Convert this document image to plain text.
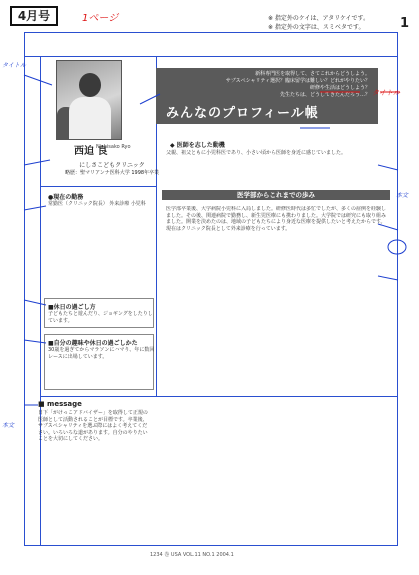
4月号	1ページ	※ 指定外のケイは、アタリケイです。
※ 指定外の文字は、スミベタです。	1
新科専門医を取得して、さてこれからどうしよう。
サブスペシャリティ選択？臨床留学は難しい？どれがやりたい？
研修や生活はどうしよう？
先生たちは、どうしてきたんだろう…？
みんなのプロフィール帳
西迫 良
Nishisako Ryo
にしさこどもクリニック
略歴：聖マリアンナ医科大学 1998年卒業
●現在の勤務
常勤医（クリニック院長） 外来診療 小児科
■休日の過ごし方
子どもたちと遊んだり、ジョギングをしたりしています。
■自分の趣味や休日の過ごしかた
30歳を過ぎてからマラソンにハマり、年に数回レースに出場しています。
◆ 医師を志した動機
父親、祖父ともに小児科医であり、小さい頃から医師を身近に感じていました。
医学部からこれまでの歩み
医学部卒業後、大学病院小児科に入局しました。研修医時代は多忙でしたが、多くの症例を経験しました。その後、関連病院で勤務し、新生児医療にも携わりました。大学院では研究にも取り組みました。開業を決めたのは、地域の子どもたちにより身近な医療を提供したいと考えたからです。現在はクリニック院長として外来診療を行っています。
■ message
日下「がけっこアドバイザー」を取得して正規の医師として活動されることが目標です。卒業後、サブスペシャリティを選ぶ際にはよく考えてください。いろいろな道があります。自分のやりたいことを大切にしてください。
1234 巻 USA VOL.11 NO.1 2004.1
タイトル
タイトル
本文
本文
